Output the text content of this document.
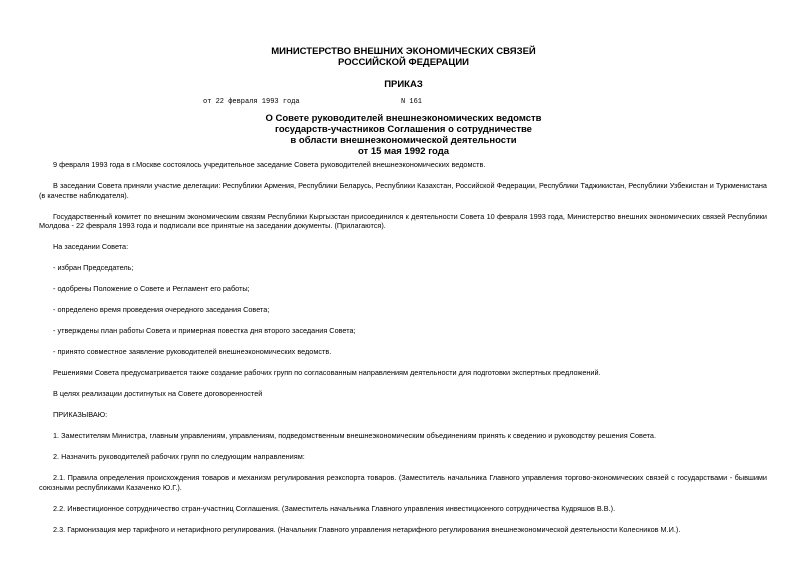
МИНИСТЕРСТВО ВНЕШНИХ ЭКОНОМИЧЕСКИХ СВЯЗЕЙ
РОССИЙСКОЙ ФЕДЕРАЦИИ
ПРИКАЗ
от 22 февраля 1993 года	N 161
О Совете руководителей внешнеэкономических ведомств
государств-участников Соглашения о сотрудничестве
в области внешнеэкономической деятельности
от 15 мая 1992 года

9 февраля 1993 года в г.Москве состоялось учредительное заседание Совета руководителей внешнеэкономических ведомств.

В заседании Совета приняли участие делегации: Республики Армения, Республики Беларусь, Республики Казахстан, Российской Федерации, Республики Таджикистан, Республики Узбекистан и Туркменистана (в качестве наблюдателя).

Государственный комитет по внешним экономическим связям Республики Кыргызстан присоединился к деятельности Совета 10 февраля 1993 года, Министерство внешних экономических связей Республики Молдова - 22 февраля 1993 года и подписали все принятые на заседании документы. (Прилагаются).

На заседании Совета:

- избран Председатель;

- одобрены Положение о Совете и Регламент его работы;

- определено время проведения очередного заседания Совета;

- утверждены план работы Совета и примерная повестка дня второго заседания Совета;

- принято совместное заявление руководителей внешнеэкономических ведомств.

Решениями Совета предусматривается также создание рабочих групп по согласованным направлениям деятельности для подготовки экспертных предложений.

В целях реализации достигнутых на Совете договоренностей

ПРИКАЗЫВАЮ:

1. Заместителям Министра, главным управлениям, управлениям, подведомственным внешнеэкономическим объединениям принять к сведению и руководству решения Совета.

2. Назначить руководителей рабочих групп по следующим направлениям:

2.1. Правила определения происхождения товаров и механизм регулирования реэкспорта товаров. (Заместитель начальника Главного управления торгово-экономических связей с государствами - бывшими союзными республиками Казаченко Ю.Г.).

2.2. Инвестиционное сотрудничество стран-участниц Соглашения. (Заместитель начальника Главного управления инвестиционного сотрудничества Кудряшов В.В.).

2.3. Гармонизация мер тарифного и нетарифного регулирования. (Начальник Главного управления нетарифного регулирования внешнеэкономической деятельности Колесников М.И.).
